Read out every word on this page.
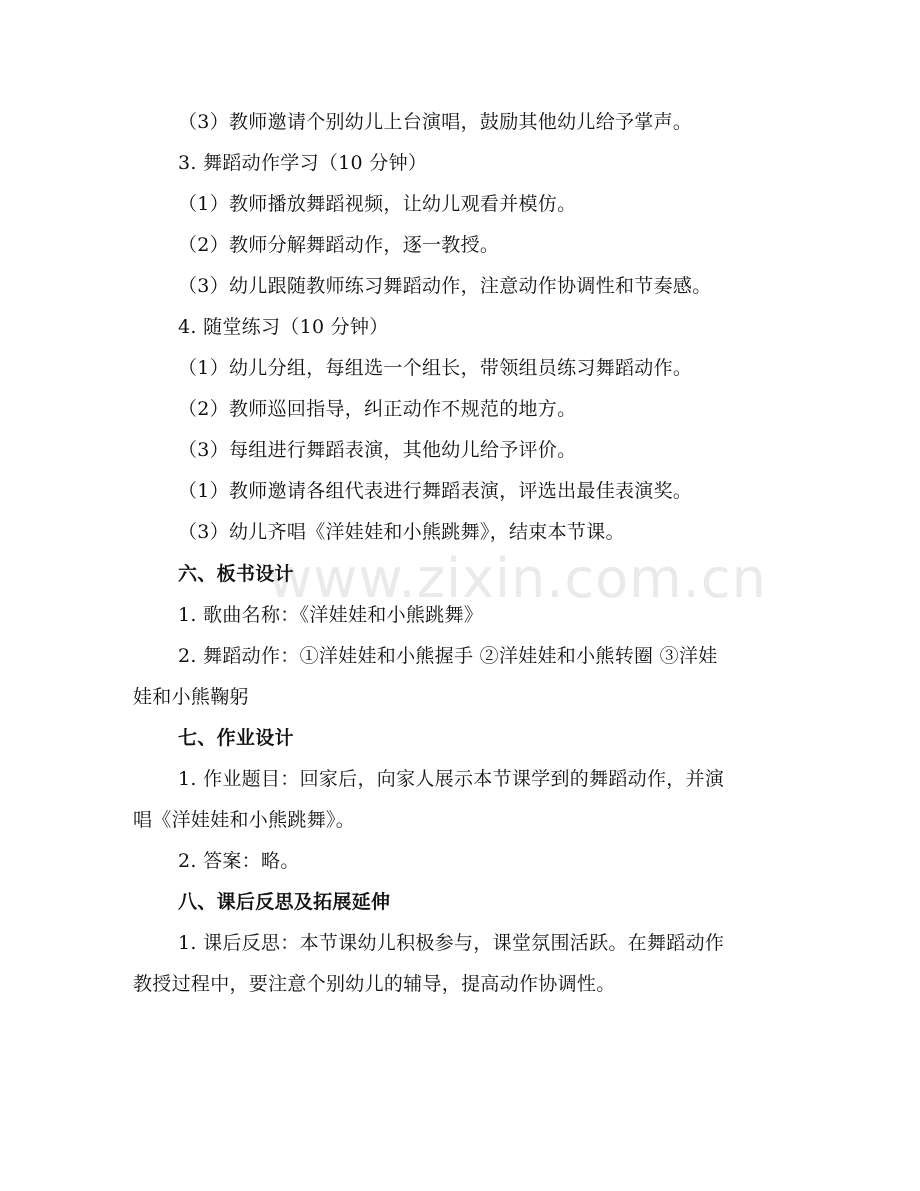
www.zixin.com.cn
（3）教师邀请个别幼儿上台演唱，鼓励其他幼儿给予掌声。
3. 舞蹈动作学习（10 分钟）
（1）教师播放舞蹈视频，让幼儿观看并模仿。
（2）教师分解舞蹈动作，逐一教授。
（3）幼儿跟随教师练习舞蹈动作，注意动作协调性和节奏感。
4. 随堂练习（10 分钟）
（1）幼儿分组，每组选一个组长，带领组员练习舞蹈动作。
（2）教师巡回指导，纠正动作不规范的地方。
（3）每组进行舞蹈表演，其他幼儿给予评价。
（1）教师邀请各组代表进行舞蹈表演，评选出最佳表演奖。
（3）幼儿齐唱《洋娃娃和小熊跳舞》，结束本节课。
六、板书设计
1. 歌曲名称：《洋娃娃和小熊跳舞》
2. 舞蹈动作：①洋娃娃和小熊握手 ②洋娃娃和小熊转圈 ③洋娃
娃和小熊鞠躬
七、作业设计
1. 作业题目：回家后，向家人展示本节课学到的舞蹈动作，并演
唱《洋娃娃和小熊跳舞》。
2. 答案：略。
八、课后反思及拓展延伸
1. 课后反思：本节课幼儿积极参与，课堂氛围活跃。在舞蹈动作
教授过程中，要注意个别幼儿的辅导，提高动作协调性。
